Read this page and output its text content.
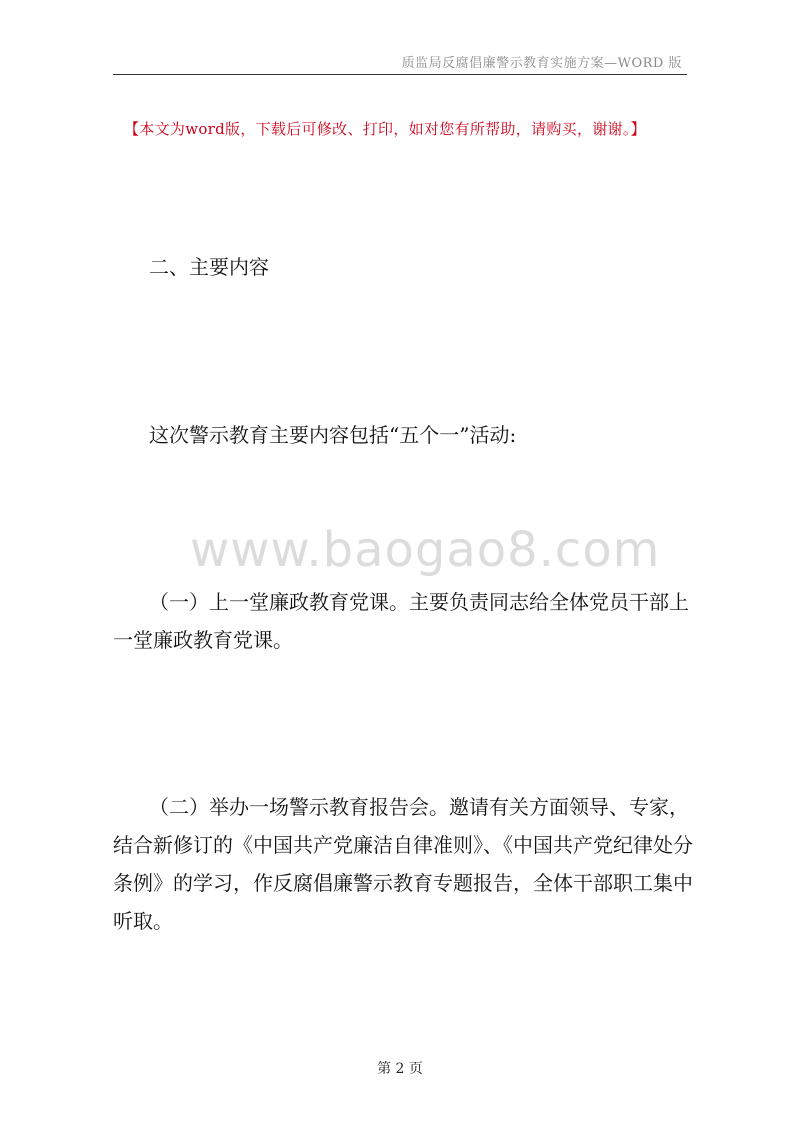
质监局反腐倡廉警示教育实施方案—WORD 版
【本文为word版，下载后可修改、打印，如对您有所帮助，请购买，谢谢。】
二、主要内容
这次警示教育主要内容包括“五个一”活动:
www.baogao8.com
（一）上一堂廉政教育党课。主要负责同志给全体党员干部上一堂廉政教育党课。
（二）举办一场警示教育报告会。邀请有关方面领导、专家，结合新修订的《中国共产党廉洁自律准则》、《中国共产党纪律处分条例》的学习，作反腐倡廉警示教育专题报告，全体干部职工集中听取。
第 2 页
